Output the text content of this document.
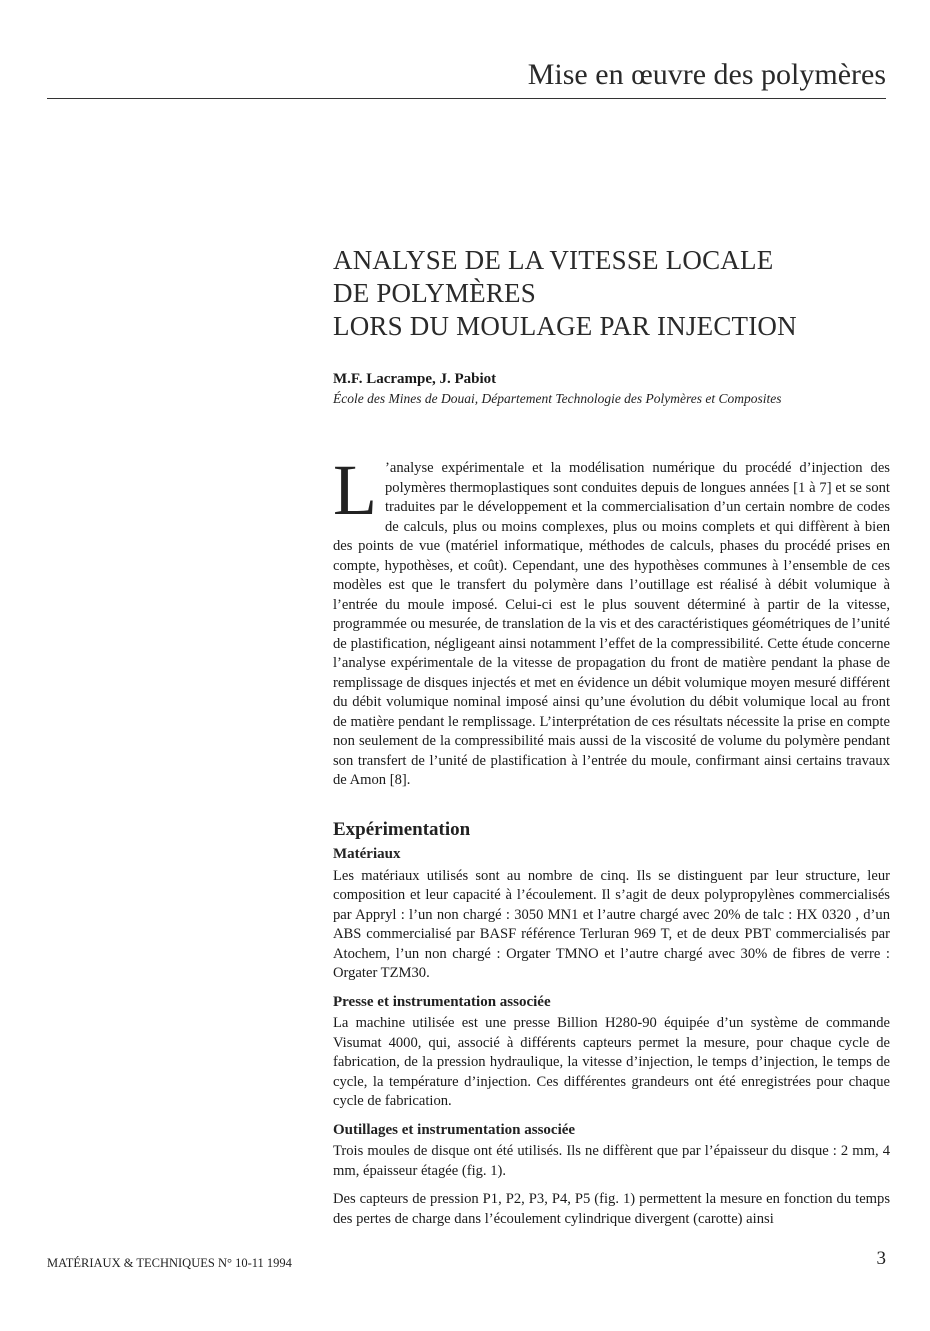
Mise en œuvre des polymères
ANALYSE DE LA VITESSE LOCALE
DE POLYMÈRES
LORS DU MOULAGE PAR INJECTION
M.F. Lacrampe, J. Pabiot
École des Mines de Douai, Département Technologie des Polymères et Composites

L ’analyse expérimentale et la modélisation numérique du procédé d’injection des polymères thermoplastiques sont conduites depuis de longues années [1 à 7] et se sont traduites par le développement et la commercialisation d’un certain nombre de codes de calculs, plus ou moins complexes, plus ou moins complets et qui diffèrent à bien des points de vue (matériel informatique, méthodes de calculs, phases du procédé prises en compte, hypothèses, et coût). Cependant, une des hypothèses communes à l’ensemble de ces modèles est que le transfert du polymère dans l’outillage est réalisé à débit volumique à l’entrée du moule imposé. Celui-ci est le plus souvent déterminé à partir de la vitesse, programmée ou mesurée, de translation de la vis et des caractéristiques géométriques de l’unité de plastification, négligeant ainsi notamment l’effet de la compressibilité. Cette étude concerne l’analyse expérimentale de la vitesse de propagation du front de matière pendant la phase de remplissage de disques injectés et met en évidence un débit volumique moyen mesuré différent du débit volumique nominal imposé ainsi qu’une évolution du débit volumique local au front de matière pendant le remplissage. L’interprétation de ces résultats nécessite la prise en compte non seulement de la compressibilité mais aussi de la viscosité de volume du polymère pendant son transfert de l’unité de plastification à l’entrée du moule, confirmant ainsi certains travaux de Amon [8].

Expérimentation
Matériaux

Les matériaux utilisés sont au nombre de cinq. Ils se distinguent par leur structure, leur composition et leur capacité à l’écoulement. Il s’agit de deux polypropylènes commercialisés par Appryl : l’un non chargé : 3050 MN1 et l’autre chargé avec 20% de talc : HX 0320 , d’un ABS commercialisé par BASF référence Terluran 969 T, et de deux PBT commercialisés par Atochem, l’un non chargé : Orgater TMNO et l’autre chargé avec 30% de fibres de verre : Orgater TZM30.

Presse et instrumentation associée

La machine utilisée est une presse Billion H280-90 équipée d’un système de commande Visumat 4000, qui, associé à différents capteurs permet la mesure, pour chaque cycle de fabrication, de la pression hydraulique, la vitesse d’injection, le temps d’injection, le temps de cycle, la température d’injection. Ces différentes grandeurs ont été enregistrées pour chaque cycle de fabrication.

Outillages et instrumentation associée

Trois moules de disque ont été utilisés. Ils ne diffèrent que par l’épaisseur du disque : 2 mm, 4 mm, épaisseur étagée (fig. 1).

Des capteurs de pression P1, P2, P3, P4, P5 (fig. 1) permettent la mesure en fonction du temps des pertes de charge dans l’écoulement cylindrique divergent (carotte) ainsi

MATÉRIAUX & TECHNIQUES N° 10-11 1994	3
